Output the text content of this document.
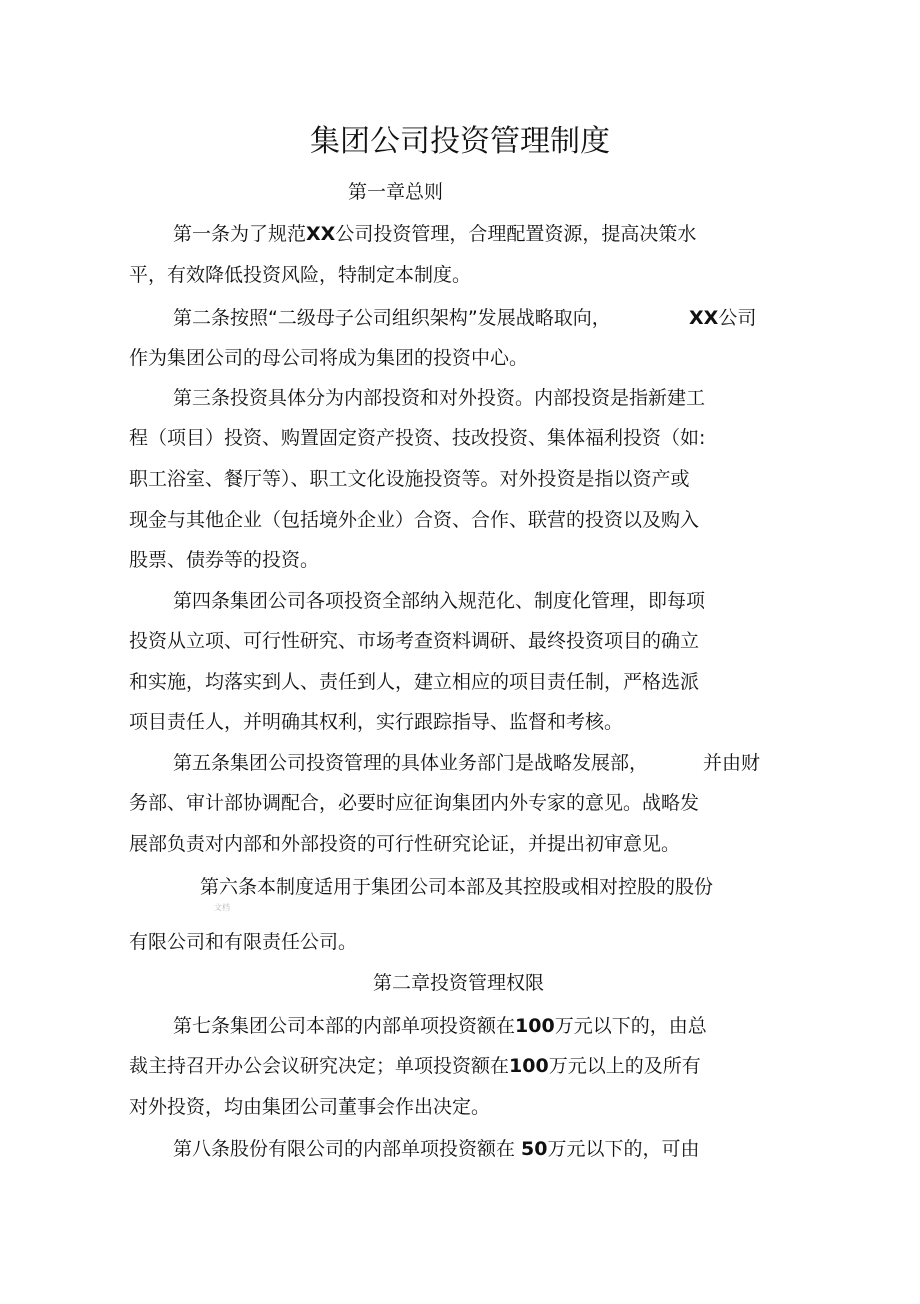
集团公司投资管理制度
第一章总则
第一条为了规范XX公司投资管理，合理配置资源，提高决策水
平，有效降低投资风险，特制定本制度。
第二条按照“二级母子公司组织架构”发展战略取向，	XX公司
作为集团公司的母公司将成为集团的投资中心。
第三条投资具体分为内部投资和对外投资。内部投资是指新建工
程（项目）投资、购置固定资产投资、技改投资、集体福利投资（如:
职工浴室、餐厅等）、职工文化设施投资等。对外投资是指以资产或
现金与其他企业（包括境外企业）合资、合作、联营的投资以及购入
股票、债券等的投资。
第四条集团公司各项投资全部纳入规范化、制度化管理，即每项
投资从立项、可行性研究、市场考查资料调研、最终投资项目的确立
和实施，均落实到人、责任到人，建立相应的项目责任制，严格选派
项目责任人，并明确其权利，实行跟踪指导、监督和考核。
第五条集团公司投资管理的具体业务部门是战略发展部，	并由财
务部、审计部协调配合，必要时应征询集团内外专家的意见。战略发
展部负责对内部和外部投资的可行性研究论证，并提出初审意见。
第六条本制度适用于集团公司本部及其控股或相对控股的股份
文档
有限公司和有限责任公司。
第二章投资管理权限
第七条集团公司本部的内部单项投资额在100万元以下的，由总
裁主持召开办公会议研究决定；单项投资额在100万元以上的及所有
对外投资，均由集团公司董事会作出决定。
第八条股份有限公司的内部单项投资额在 50万元以下的，可由
